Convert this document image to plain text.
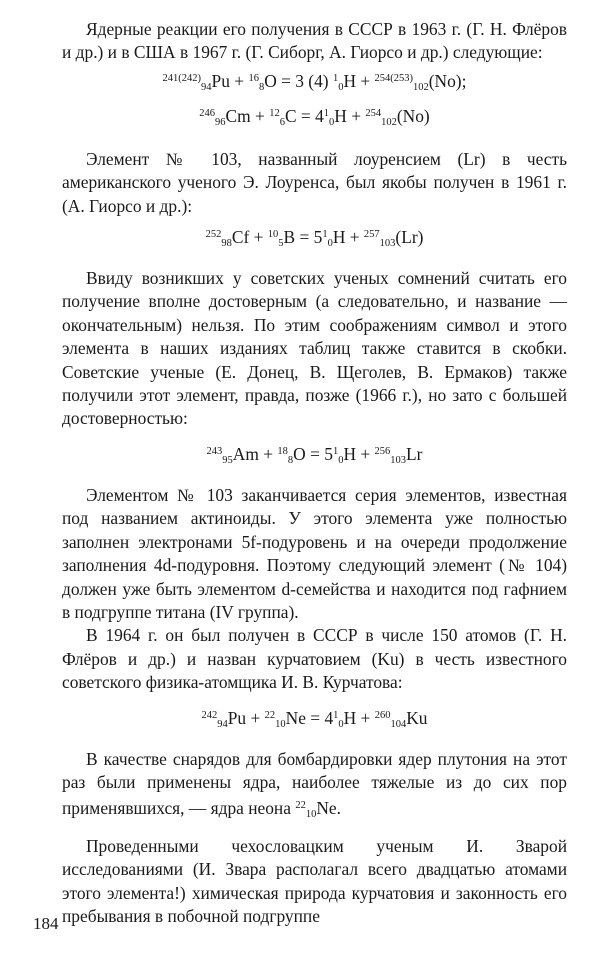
Ядерные реакции его получения в СССР в 1963 г. (Г. Н. Флёров и др.) и в США в 1967 г. (Г. Сиборг, А. Гиорсо и др.) следующие:

$^{241(242)}_{94}$Pu + $^{16}_8$O = 3 (4) $^1_0$H + $^{254(253)}_{102}$(No);
$^{246}_{96}Cm + ^{12}_6C = 4^1_0H + ^{254}_{102}(No)$

Элемент № 103, названный лоуренсием (Lr) в честь американского ученого Э. Лоуренса, был якобы получен в 1961 г. (А. Гиорсо и др.):

$^{252}_{98}Cf + ^{10}_5B = 5^1_0H + ^{257}_{103}(Lr)$

Ввиду возникших у советских ученых сомнений считать его получение вполне достоверным (а следовательно, и название — окончательным) нельзя. По этим соображениям символ и этого элемента в наших изданиях таблиц также ставится в скобки. Советские ученые (Е. Донец, В. Щеголев, В. Ермаков) также получили этот элемент, правда, позже (1966 г.), но зато с большей достоверностью:

$^{243}_{95}Am + ^{18}_8O = 5^1_0H + ^{256}_{103}Lr$

Элементом № 103 заканчивается серия элементов, известная под названием актиноиды. У этого элемента уже полностью заполнен электронами 5f-подуровень и на очереди продолжение заполнения 4d-подуровня. Поэтому следующий элемент (№ 104) должен уже быть элементом d-семейства и находится под гафнием в подгруппе титана (IV группа).

В 1964 г. он был получен в СССР в числе 150 атомов (Г. Н. Флёров и др.) и назван курчатовием (Ku) в честь известного советского физика-атомщика И. В. Курчатова:

$^{242}_{94}Pu + ^{22}_{10}Ne = 4^1_0H + ^{260}_{104}Ku$

В качестве снарядов для бомбардировки ядер плутония на этот раз были применены ядра, наиболее тяжелые из до сих пор применявшихся, — ядра неона $^{22}$10Ne.

Проведенными чехословацким ученым И. Зварой исследованиями (И. Звара располагал всего двадцатью атомами этого элемента!) химическая природа курчатовия и законность его пребывания в побочной подгруппе

184
